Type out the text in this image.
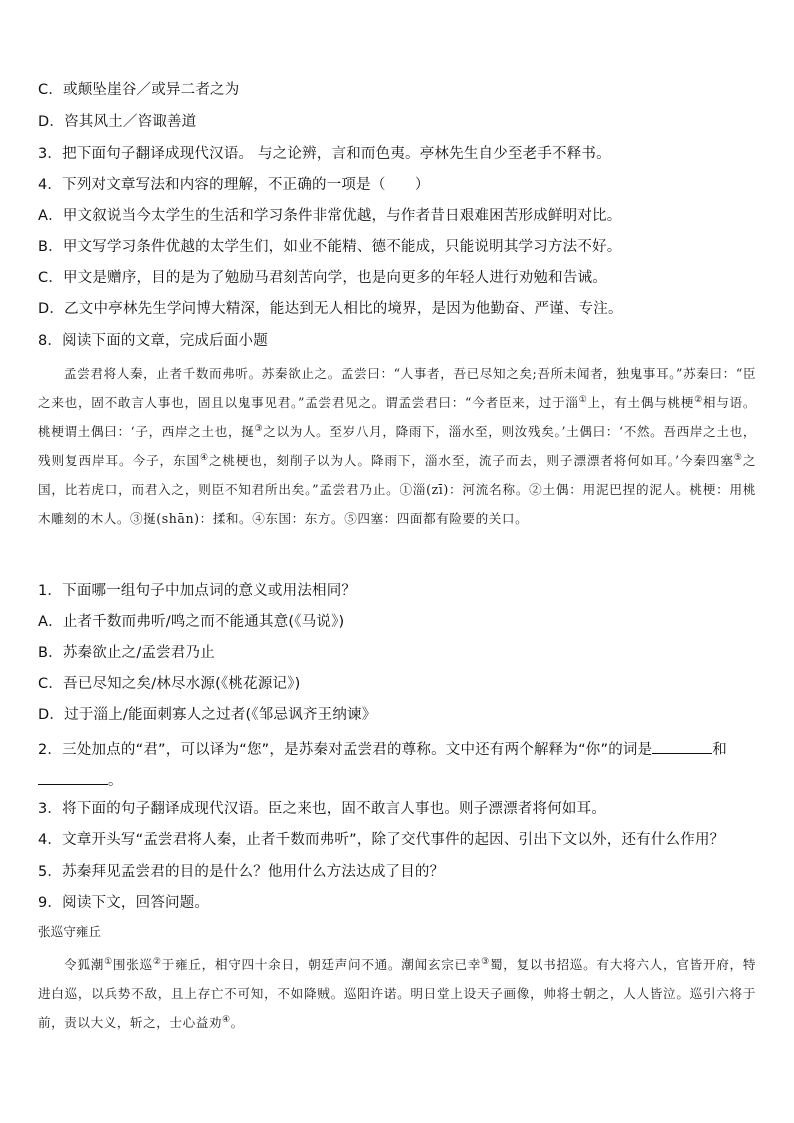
C．或颠坠崖谷／或异二者之为
D．咨其风土／咨诹善道
3．把下面句子翻译成现代汉语。 与之论辨，言和而色夷。亭林先生自少至老手不释书。
4．下列对文章写法和内容的理解，不正确的一项是（　　）
A．甲文叙说当今太学生的生活和学习条件非常优越，与作者昔日艰难困苦形成鲜明对比。
B．甲文写学习条件优越的太学生们，如业不能精、德不能成，只能说明其学习方法不好。
C．甲文是赠序，目的是为了勉励马君刻苦向学，也是向更多的年轻人进行劝勉和告诫。
D．乙文中亭林先生学问博大精深，能达到无人相比的境界，是因为他勤奋、严谨、专注。
8．阅读下面的文章，完成后面小题
孟尝君将人秦，止者千数而弗听。苏秦欲止之。孟尝曰：“人事者，吾已尽知之矣;吾所未闻者，独鬼事耳。”苏秦曰：“臣之来也，固不敢言人事也，固且以鬼事见君。”孟尝君见之。谓孟尝君曰：“今者臣来，过于淄①上，有土偶与桃梗②相与语。桃梗谓土偶曰：‘子，西岸之土也，挻③之以为人。至岁八月，降雨下，淄水至，则汝残矣。’土偶曰：‘不然。吾西岸之土也，残则复西岸耳。今子，东国④之桃梗也，刻削子以为人。降雨下，淄水至，流子而去，则子漂漂者将何如耳。’今秦四塞⑤之国，比若虎口，而君入之，则臣不知君所出矣。”孟尝君乃止。①淄(zī)：河流名称。②土偶：用泥巴捏的泥人。桃梗：用桃木雕刻的木人。③挻(shān)：揉和。④东国：东方。⑤四塞：四面都有险要的关口。
1．下面哪一组句子中加点词的意义或用法相同？
A．止者千数而弗听/鸣之而不能通其意(《马说》)
B．苏秦欲止之/孟尝君乃止
C．吾已尽知之矣/林尽水源(《桃花源记》)
D．过于淄上/能面刺寡人之过者(《邹忌讽齐王纳谏》
2．三处加点的“君”，可以译为“您”，是苏秦对孟尝君的尊称。文中还有两个解释为“你”的词是	和
。
3．将下面的句子翻译成现代汉语。臣之来也，固不敢言人事也。则子漂漂者将何如耳。
4．文章开头写“孟尝君将人秦，止者千数而弗听”，除了交代事件的起因、引出下文以外，还有什么作用？
5．苏秦拜见孟尝君的目的是什么？他用什么方法达成了目的？
9．阅读下文，回答问题。
张巡守雍丘
令狐潮①围张巡②于雍丘，相守四十余日，朝廷声问不通。潮闻玄宗已幸③蜀，复以书招巡。有大将六人，官皆开府，特进白巡，以兵势不敌，且上存亡不可知，不如降贼。巡阳许诺。明日堂上设天子画像，帅将士朝之，人人皆泣。巡引六将于前，责以大义，斩之，士心益劝④。
